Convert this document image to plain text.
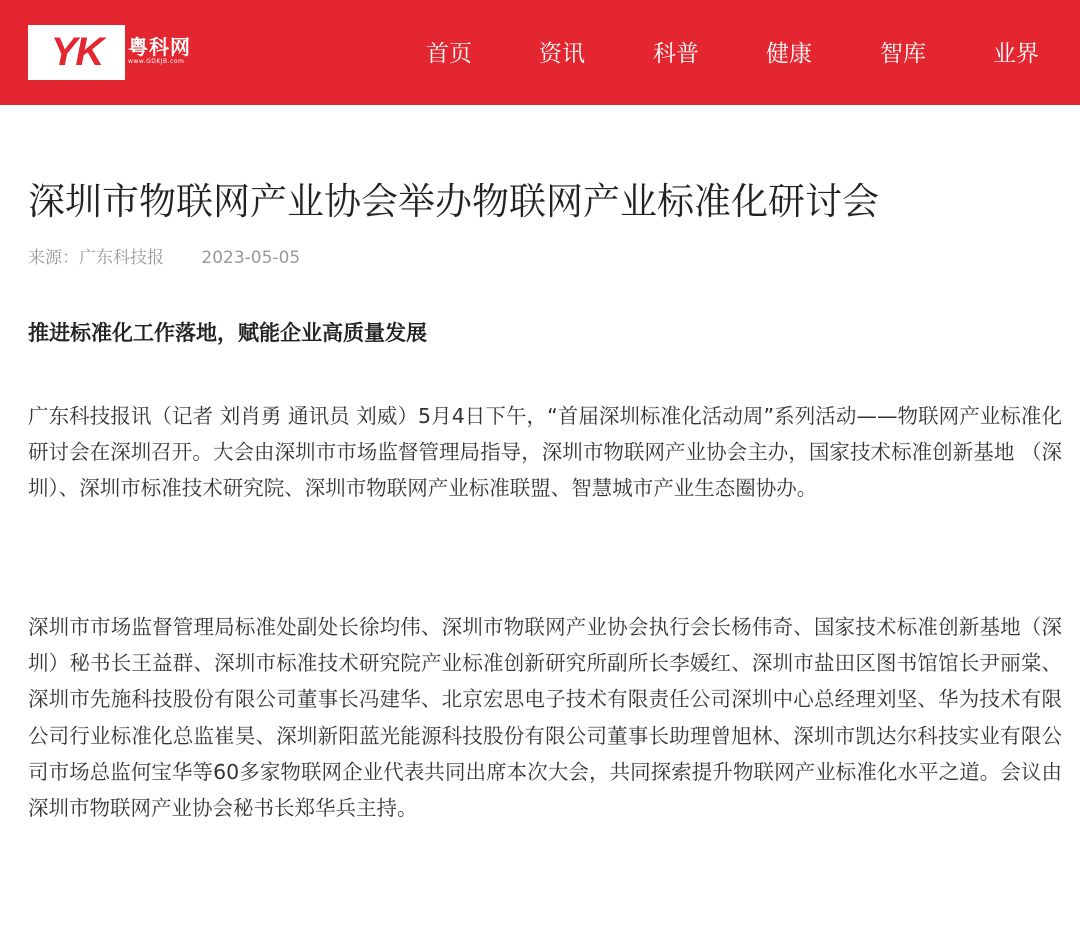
YK 粤科网
www.GDKJB.com	首页	资讯	科普	健康	智库	业界
深圳市物联网产业协会举办物联网产业标准化研讨会
来源：广东科技报 2023-05-05
推进标准化工作落地，赋能企业高质量发展

广东科技报讯（记者 刘肖勇 通讯员 刘威）5月4日下午，“首届深圳标准化活动周”系列活动——物联网产业标准化研讨会在深圳召开。大会由深圳市市场监督管理局指导，深圳市物联网产业协会主办，国家技术标准创新基地 （深圳）、深圳市标准技术研究院、深圳市物联网产业标准联盟、智慧城市产业生态圈协办。

深圳市市场监督管理局标准处副处长徐均伟、深圳市物联网产业协会执行会长杨伟奇、国家技术标准创新基地（深圳）秘书长王益群、深圳市标准技术研究院产业标准创新研究所副所长李媛红、深圳市盐田区图书馆馆长尹丽棠、深圳市先施科技股份有限公司董事长冯建华、北京宏思电子技术有限责任公司深圳中心总经理刘坚、华为技术有限公司行业标准化总监崔昊、深圳新阳蓝光能源科技股份有限公司董事长助理曾旭林、深圳市凯达尔科技实业有限公司市场总监何宝华等60多家物联网企业代表共同出席本次大会，共同探索提升物联网产业标准化水平之道。会议由深圳市物联网产业协会秘书长郑华兵主持。
